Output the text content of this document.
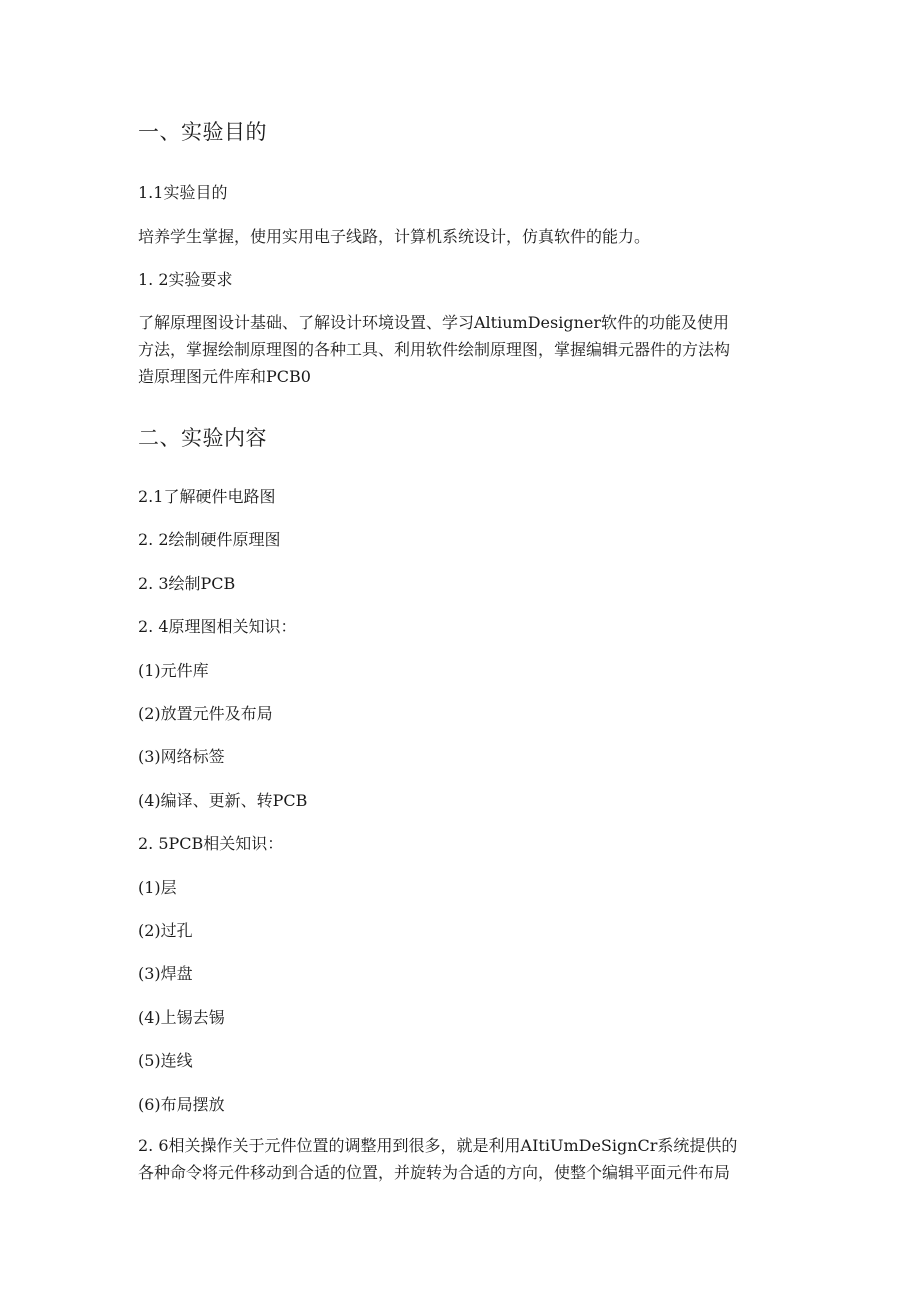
一、实验目的
1.1实验目的
培养学生掌握，使用实用电子线路，计算机系统设计，仿真软件的能力。
1. 2实验要求
了解原理图设计基础、了解设计环境设置、学习AltiumDesigner软件的功能及使用
方法，掌握绘制原理图的各种工具、利用软件绘制原理图，掌握编辑元器件的方法构
造原理图元件库和PCB0
二、实验内容
2.1了解硬件电路图
2. 2绘制硬件原理图
2. 3绘制PCB
2. 4原理图相关知识：
(1)元件库
(2)放置元件及布局
(3)网络标签
(4)编译、更新、转PCB
2. 5PCB相关知识：
(1)层
(2)过孔
(3)焊盘
(4)上锡去锡
(5)连线
(6)布局摆放
2. 6相关操作关于元件位置的调整用到很多，就是利用AItiUmDeSignCr系统提供的
各种命令将元件移动到合适的位置，并旋转为合适的方向，使整个编辑平面元件布局
